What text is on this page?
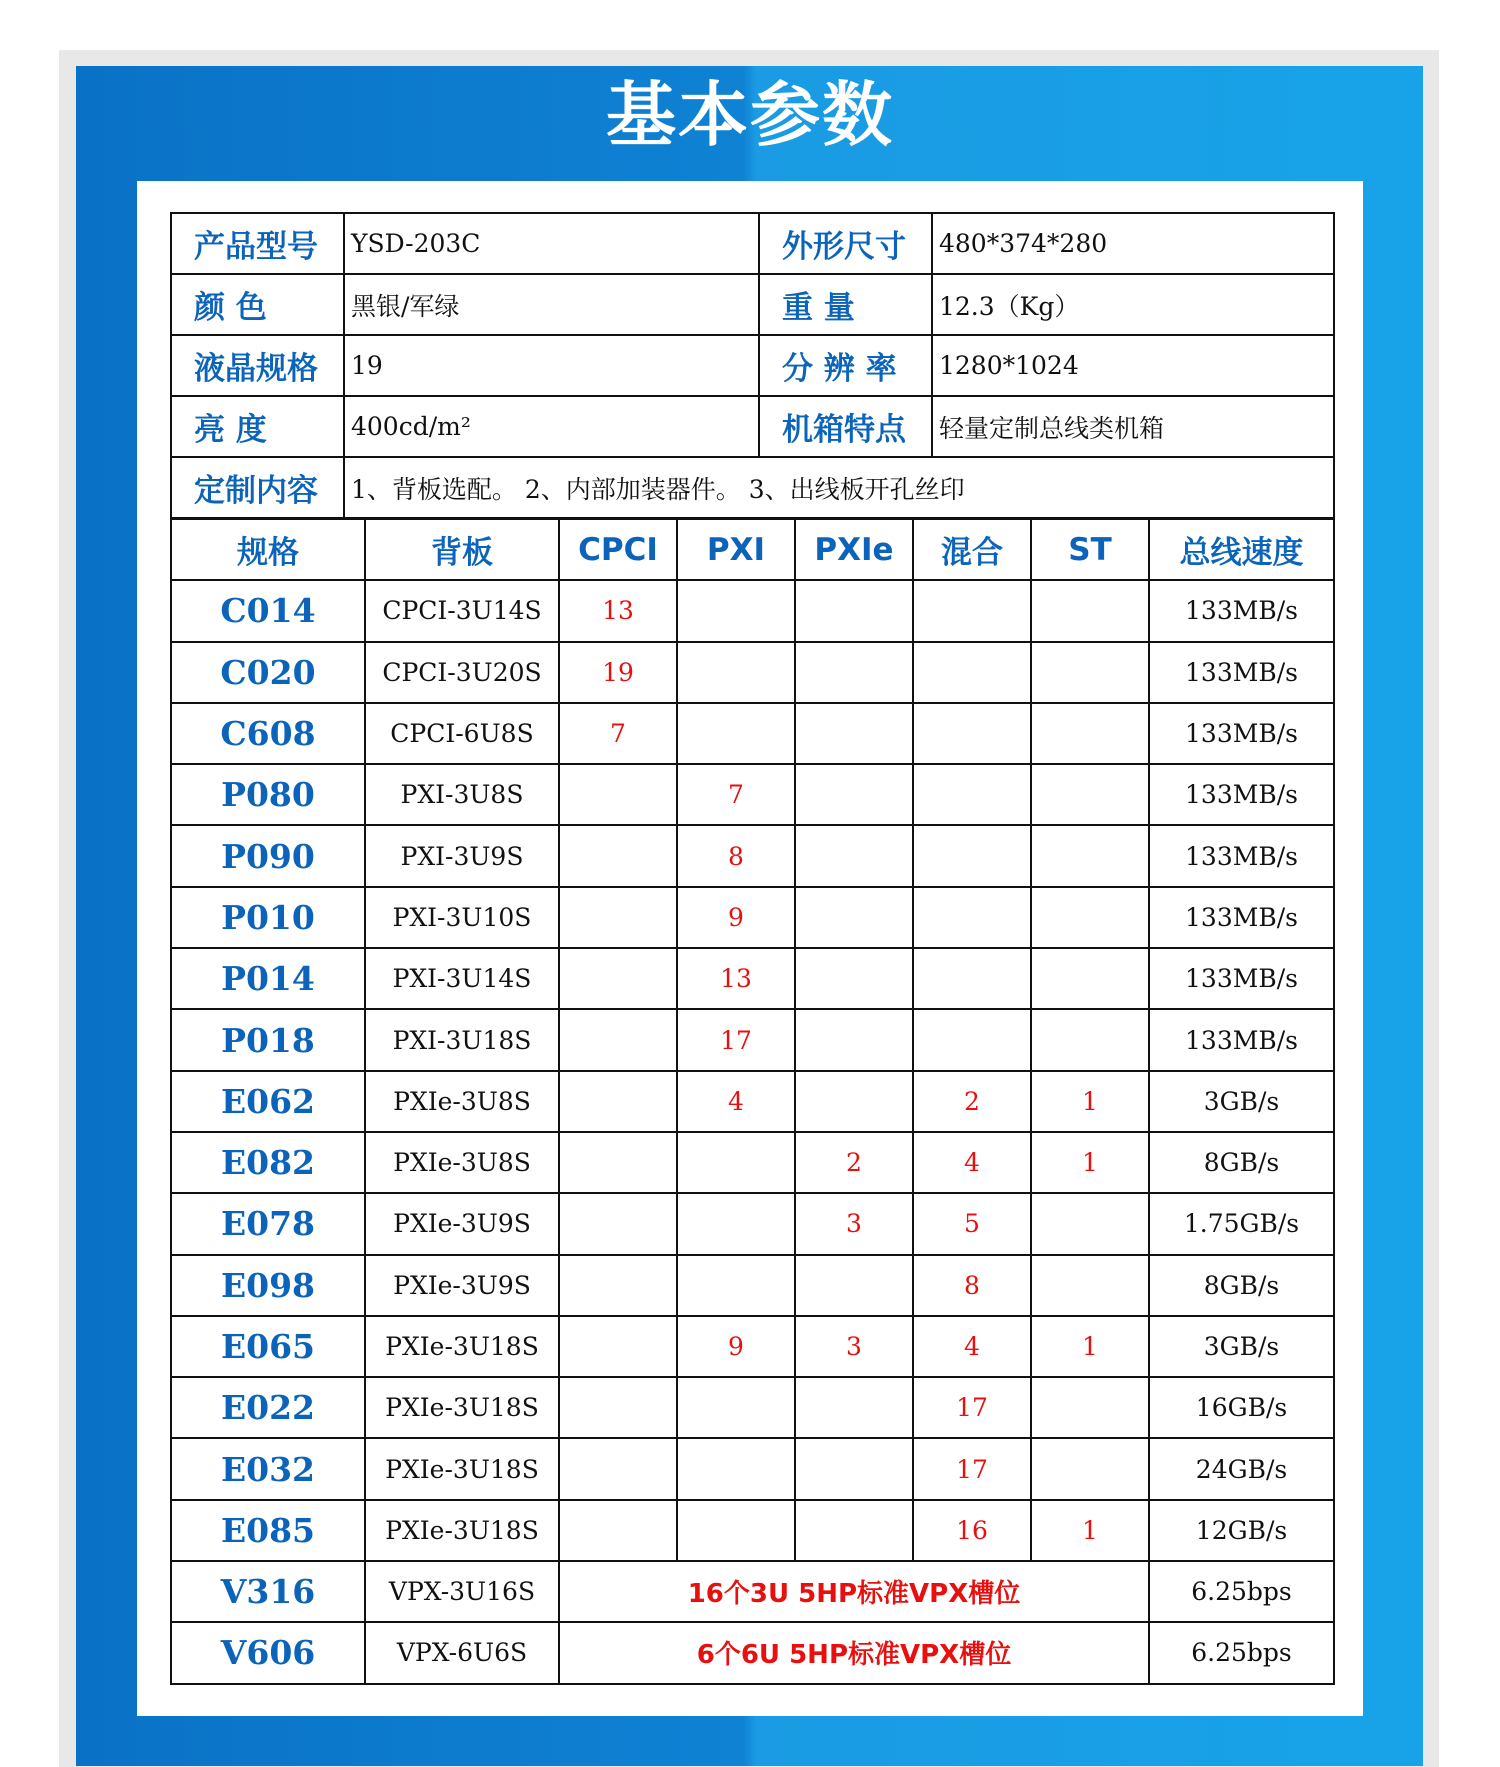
基本参数
产品型号	YSD-203C	外形尺寸	480*374*280
颜 色	黑银/军绿	重 量	12.3（Kg）
液晶规格	19	分 辨 率	1280*1024
亮 度	400cd/m²	机箱特点	轻量定制总线类机箱
定制内容	1、背板选配。 2、内部加装器件。 3、出线板开孔丝印		
规格	背板	CPCI	PXI	PXIe	混合	ST	总线速度
C014	CPCI-3U14S	13					133MB/s
C020	CPCI-3U20S	19					133MB/s
C608	CPCI-6U8S	7					133MB/s
P080	PXI-3U8S		7				133MB/s
P090	PXI-3U9S		8				133MB/s
P010	PXI-3U10S		9				133MB/s
P014	PXI-3U14S		13				133MB/s
P018	PXI-3U18S		17				133MB/s
E062	PXIe-3U8S		4		2	1	3GB/s
E082	PXIe-3U8S			2	4	1	8GB/s
E078	PXIe-3U9S			3	5		1.75GB/s
E098	PXIe-3U9S				8		8GB/s
E065	PXIe-3U18S		9	3	4	1	3GB/s
E022	PXIe-3U18S				17		16GB/s
E032	PXIe-3U18S				17		24GB/s
E085	PXIe-3U18S				16	1	12GB/s
V316	VPX-3U16S	16个3U 5HP标准VPX槽位					6.25bps
V606	VPX-6U6S	6个6U 5HP标准VPX槽位					6.25bps
